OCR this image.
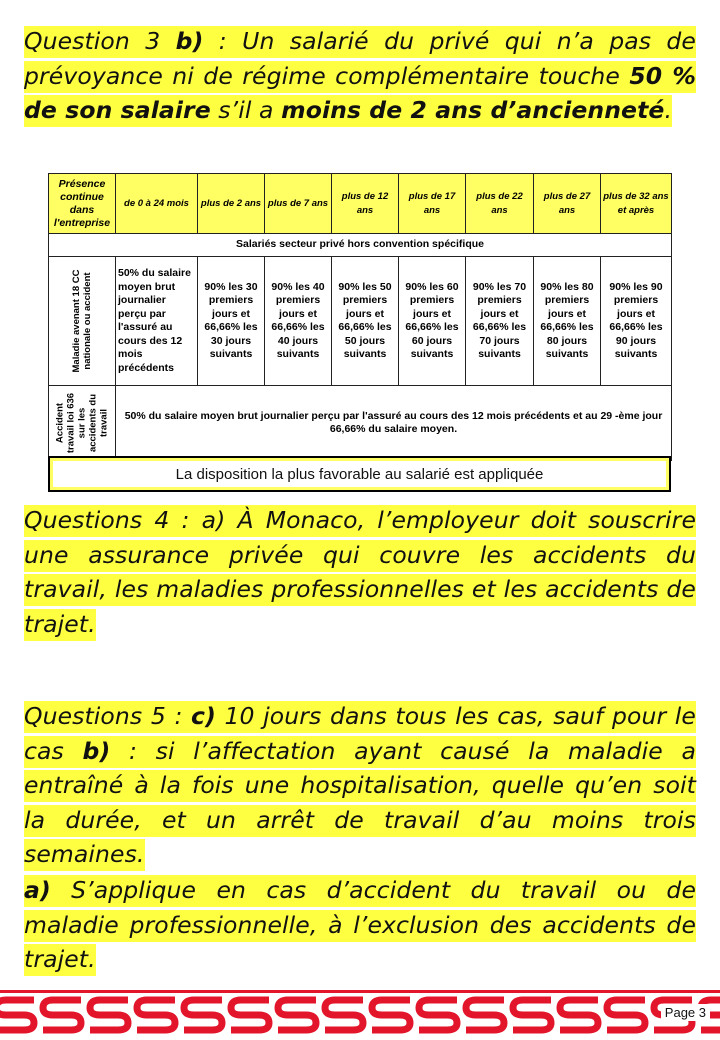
Question 3 b) : Un salarié du privé qui n’a pas de prévoyance ni de régime complémentaire touche 50 % de son salaire s’il a moins de 2 ans d’ancienneté.
Présence continue dans l'entreprise	de 0 à 24 mois	plus de 2 ans	plus de 7 ans	plus de 12 ans	plus de 17 ans	plus de 22 ans	plus de 27 ans	plus de 32 ans et après
Salariés secteur privé hors convention spécifique								

Maladie avenant 18 CC nationale ou accident	50% du salaire moyen brut journalier perçu par l'assuré au cours des 12 mois précédents	90% les 30 premiers jours et 66,66% les 30 jours suivants	90% les 40 premiers jours et 66,66% les 40 jours suivants	90% les 50 premiers jours et 66,66% les 50 jours suivants	90% les 60 premiers jours et 66,66% les 60 jours suivants	90% les 70 premiers jours et 66,66% les 70 jours suivants	90% les 80 premiers jours et 66,66% les 80 jours suivants	90% les 90 premiers jours et 66,66% les 90 jours suivants

Accident travail loi 636 sur les accidents du travail	50% du salaire moyen brut journalier perçu par l'assuré au cours des 12 mois précédents et au 29 -ème jour 66,66% du salaire moyen.							
La disposition la plus favorable au salarié est appliquée
Questions 4 : a) À Monaco, l’employeur doit souscrire une assurance privée qui couvre les accidents du travail, les maladies professionnelles et les accidents de trajet.
Questions 5 : c) 10 jours dans tous les cas, sauf pour le cas b) : si l’affectation ayant causé la maladie a entraîné à la fois une hospitalisation, quelle qu’en soit la durée, et un arrêt de travail d’au moins trois semaines.
a) S’applique en cas d’accident du travail ou de maladie professionnelle, à l’exclusion des accidents de trajet.
Page 3
